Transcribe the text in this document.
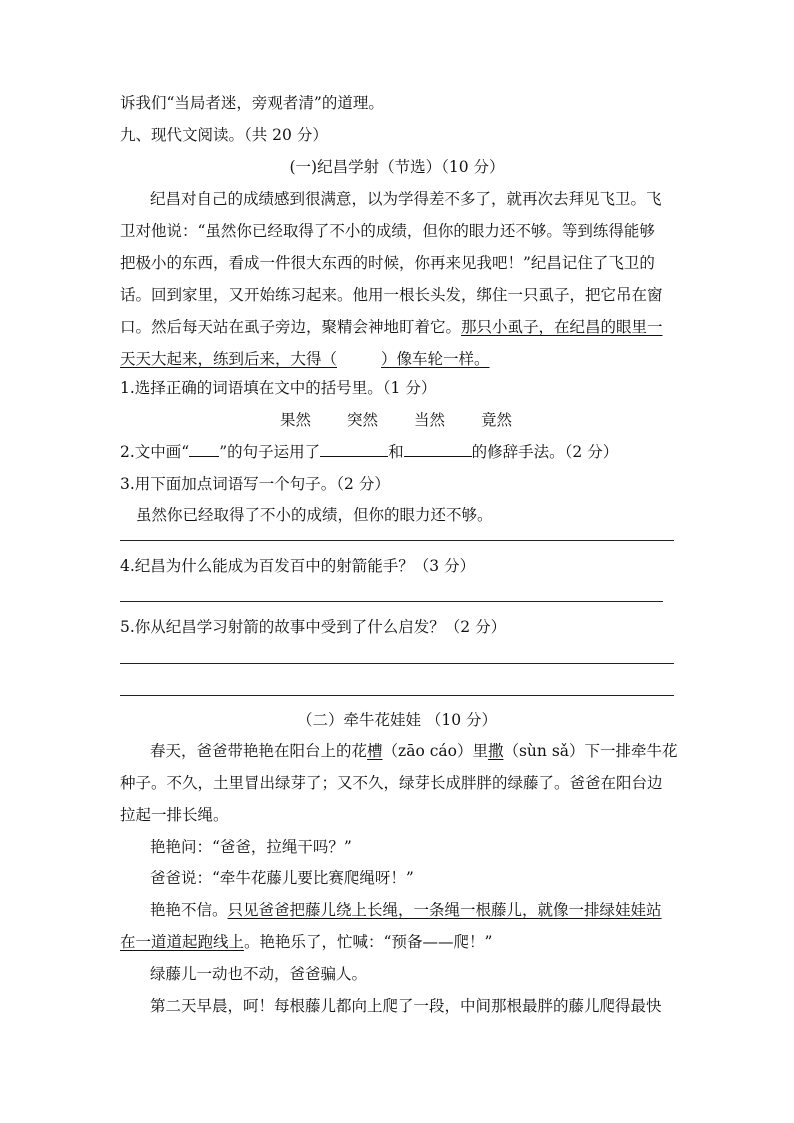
诉我们“当局者迷，旁观者清”的道理。
九、现代文阅读。（共 20 分）
(一)纪昌学射（节选）（10 分）
纪昌对自己的成绩感到很满意，以为学得差不多了，就再次去拜见飞卫。飞
卫对他说：“虽然你已经取得了不小的成绩，但你的眼力还不够。等到练得能够
把极小的东西，看成一件很大东西的时候，你再来见我吧！”纪昌记住了飞卫的
话。回到家里，又开始练习起来。他用一根长头发，绑住一只虱子，把它吊在窗
口。然后每天站在虱子旁边，聚精会神地盯着它。那只小虱子，在纪昌的眼里一
天天大起来，练到后来，大得（	）像车轮一样。
1.选择正确的词语填在文中的括号里。（1 分）
果然 突然 当然 竟然
2.文中画“ ”的句子运用了	和	的修辞手法。（2 分）
3.用下面加点词语写一个句子。（2 分）
虽然你已经取得了不小的成绩，但你的眼力还不够。
4.纪昌为什么能成为百发百中的射箭能手？（3 分）
5.你从纪昌学习射箭的故事中受到了什么启发？（2 分）
（二）牵牛花娃娃 （10 分）
春天，爸爸带艳艳在阳台上的花槽（zāo cáo）里撒（sùn sǎ）下一排牵牛花
种子。不久，土里冒出绿芽了；又不久，绿芽长成胖胖的绿藤了。爸爸在阳台边
拉起一排长绳。
艳艳问：“爸爸，拉绳干吗？”
爸爸说：“牵牛花藤儿要比赛爬绳呀！”
艳艳不信。只见爸爸把藤儿绕上长绳，一条绳一根藤儿，就像一排绿娃娃站
在一道道起跑线上。艳艳乐了，忙喊：“预备——爬！”
绿藤儿一动也不动，爸爸骗人。
第二天早晨，呵！每根藤儿都向上爬了一段，中间那根最胖的藤儿爬得最快
